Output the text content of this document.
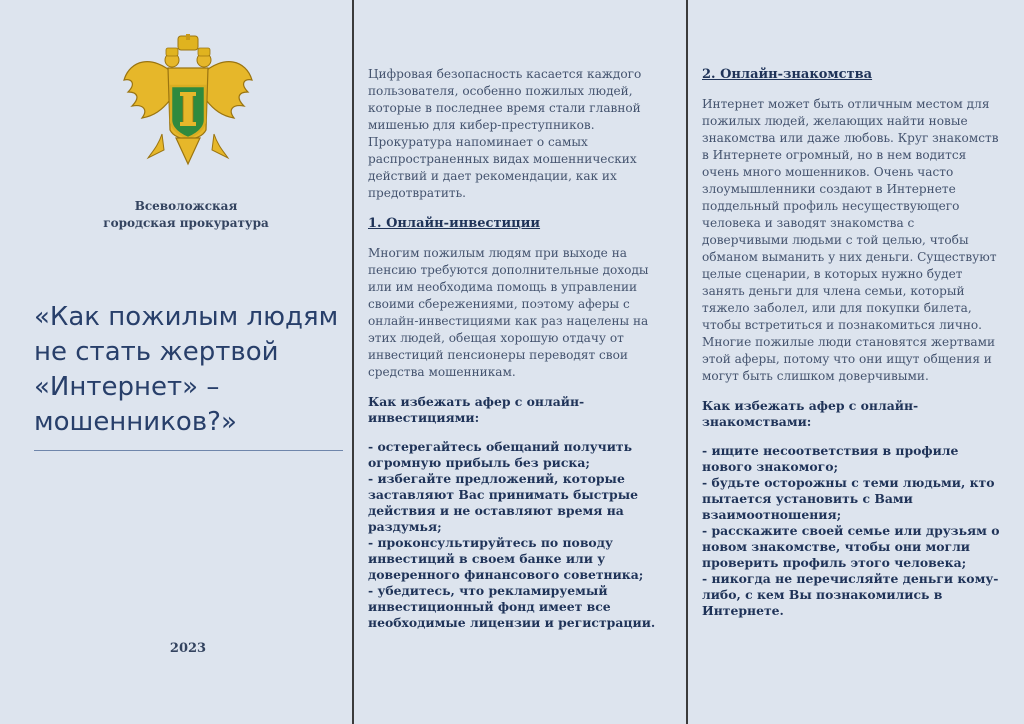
Всеволожская
городская прокуратура
«Как пожилым людям не стать жертвой «Интернет» – мошенников?»
2023

Цифровая безопасность касается каждого пользователя, особенно пожилых людей, которые в последнее время стали главной мишенью для кибер-преступников. Прокуратура напоминает о самых распространенных видах мошеннических действий и дает рекомендации, как их предотвратить.

1. Онлайн-инвестиции

Многим пожилым людям при выходе на пенсию требуются дополнительные доходы или им необходима помощь в управлении своими сбережениями, поэтому аферы с онлайн-инвестициями как раз нацелены на этих людей, обещая хорошую отдачу от инвестиций пенсионеры переводят свои средства мошенникам.

Как избежать афер с онлайн-инвестициями:

- остерегайтесь обещаний получить огромную прибыль без риска;

- избегайте предложений, которые заставляют Вас принимать быстрые действия и не оставляют время на раздумья;

- проконсультируйтесь по поводу инвестиций в своем банке или у доверенного финансового советника;

- убедитесь, что рекламируемый инвестиционный фонд имеет все необходимые лицензии и регистрации.

2. Онлайн-знакомства

Интернет может быть отличным местом для пожилых людей, желающих найти новые знакомства или даже любовь. Круг знакомств в Интернете огромный, но в нем водится очень много мошенников. Очень часто злоумышленники создают в Интернете поддельный профиль несуществующего человека и заводят знакомства с доверчивыми людьми с той целью, чтобы обманом выманить у них деньги. Существуют целые сценарии, в которых нужно будет занять деньги для члена семьи, который тяжело заболел, или для покупки билета, чтобы встретиться и познакомиться лично. Многие пожилые люди становятся жертвами этой аферы, потому что они ищут общения и могут быть слишком доверчивыми.

Как избежать афер с онлайн-знакомствами:

- ищите несоответствия в профиле нового знакомого;

- будьте осторожны с теми людьми, кто пытается установить с Вами взаимоотношения;

- расскажите своей семье или друзьям о новом знакомстве, чтобы они могли проверить профиль этого человека;

- никогда не перечисляйте деньги кому-либо, с кем Вы познакомились в Интернете.
